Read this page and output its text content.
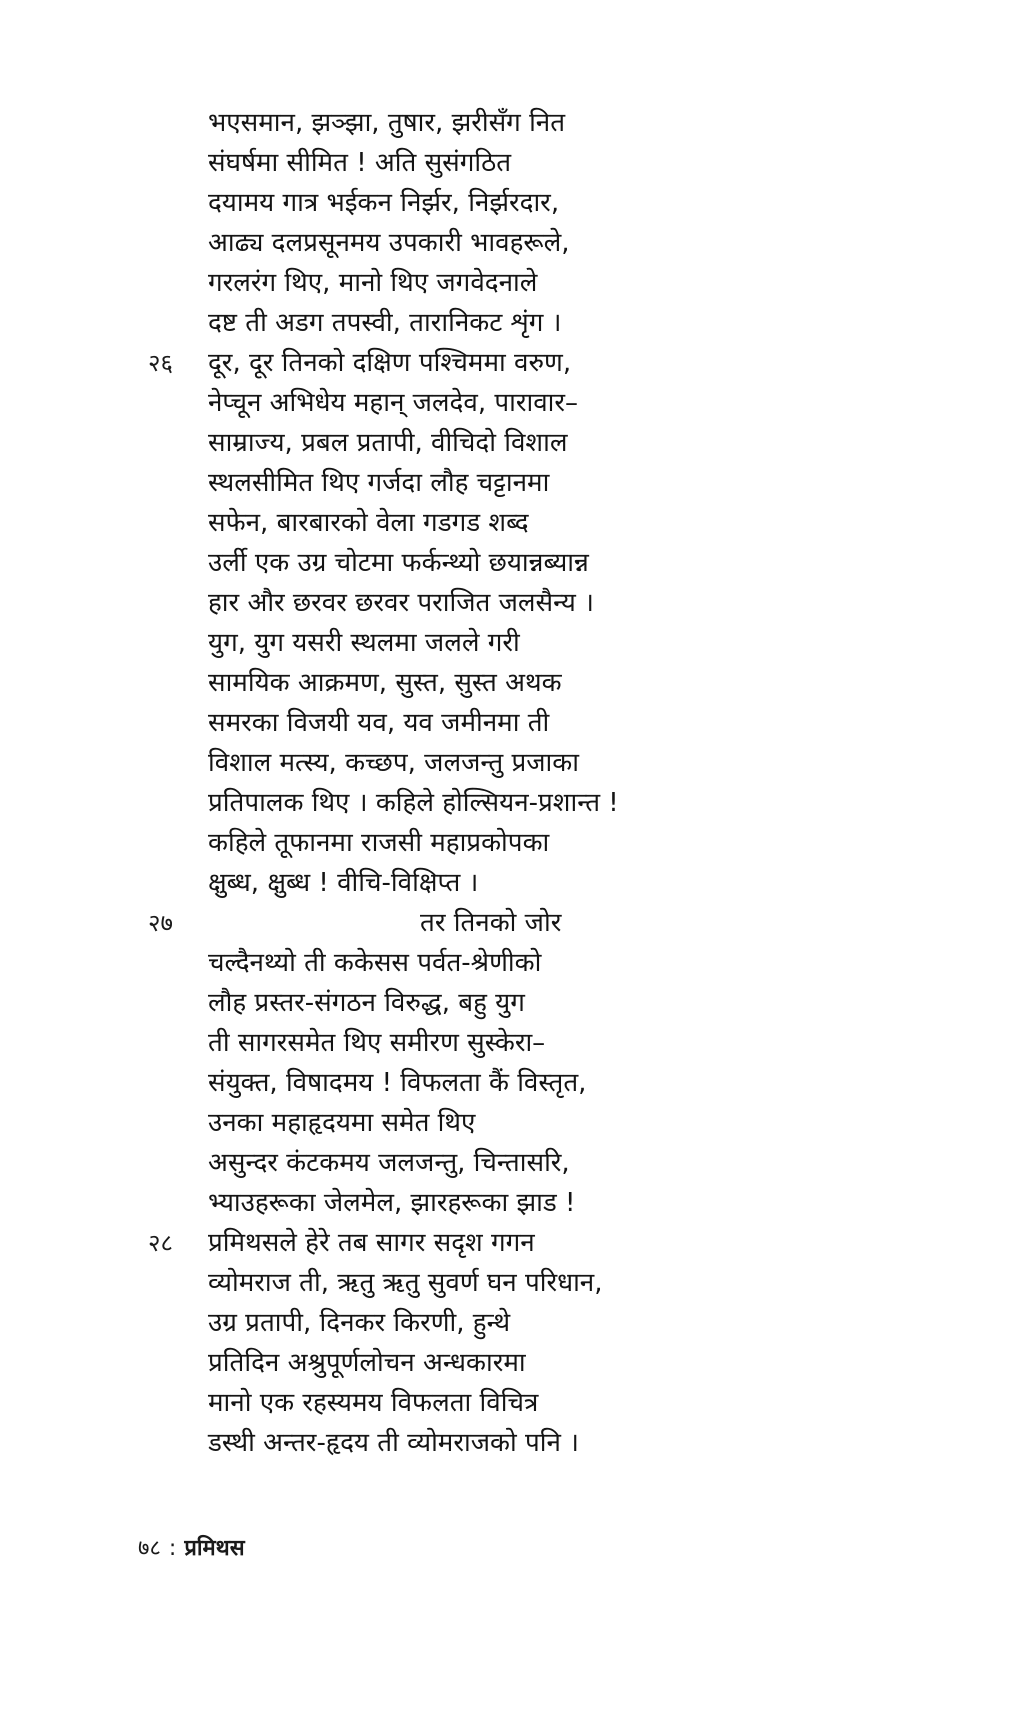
भएसमान, झञ्झा, तुषार, झरीसँग नित
संघर्षमा सीमित ! अति सुसंगठित
दयामय गात्र भईकन निर्झर, निर्झरदार,
आढ्य दलप्रसूनमय उपकारी भावहरूले,
गरलरंग थिए, मानो थिए जगवेदनाले
दष्ट ती अडग तपस्वी, तारानिकट शृंग ।
२६ दूर, दूर तिनको दक्षिण पश्चिममा वरुण,
नेप्चून अभिधेय महान् जलदेव, पारावार–
साम्राज्य, प्रबल प्रतापी, वीचिदो विशाल
स्थलसीमित थिए गर्जदा लौह चट्टानमा
सफेन, बारबारको वेला गडगड शब्द
उर्ली एक उग्र चोटमा फर्कन्थ्यो छयान्नब्यान्न
हार और छरवर छरवर पराजित जलसैन्य ।
युग, युग यसरी स्थलमा जलले गरी
सामयिक आक्रमण, सुस्त, सुस्त अथक
समरका विजयी यव, यव जमीनमा ती
विशाल मत्स्य, कच्छप, जलजन्तु प्रजाका
प्रतिपालक थिए । कहिले होल्सियन-प्रशान्त !
कहिले तूफानमा राजसी महाप्रकोपका
क्षुब्ध, क्षुब्ध ! वीचि-विक्षिप्त ।
२७	तर तिनको जोर
चल्दैनथ्यो ती ककेसस पर्वत-श्रेणीको
लौह प्रस्तर-संगठन विरुद्ध, बहु युग
ती सागरसमेत थिए समीरण सुस्केरा–
संयुक्त, विषादमय ! विफलता कैं विस्तृत,
उनका महाहृदयमा समेत थिए
असुन्दर कंटकमय जलजन्तु, चिन्तासरि,
भ्याउहरूका जेलमेल, झारहरूका झाड !
२८ प्रमिथसले हेरे तब सागर सदृश गगन
व्योमराज ती, ऋतु ऋतु सुवर्ण घन परिधान,
उग्र प्रतापी, दिनकर किरणी, हुन्थे
प्रतिदिन अश्रुपूर्णलोचन अन्धकारमा
मानो एक रहस्यमय विफलता विचित्र
डस्थी अन्तर-हृदय ती व्योमराजको पनि ।
७८ : प्रमिथस
